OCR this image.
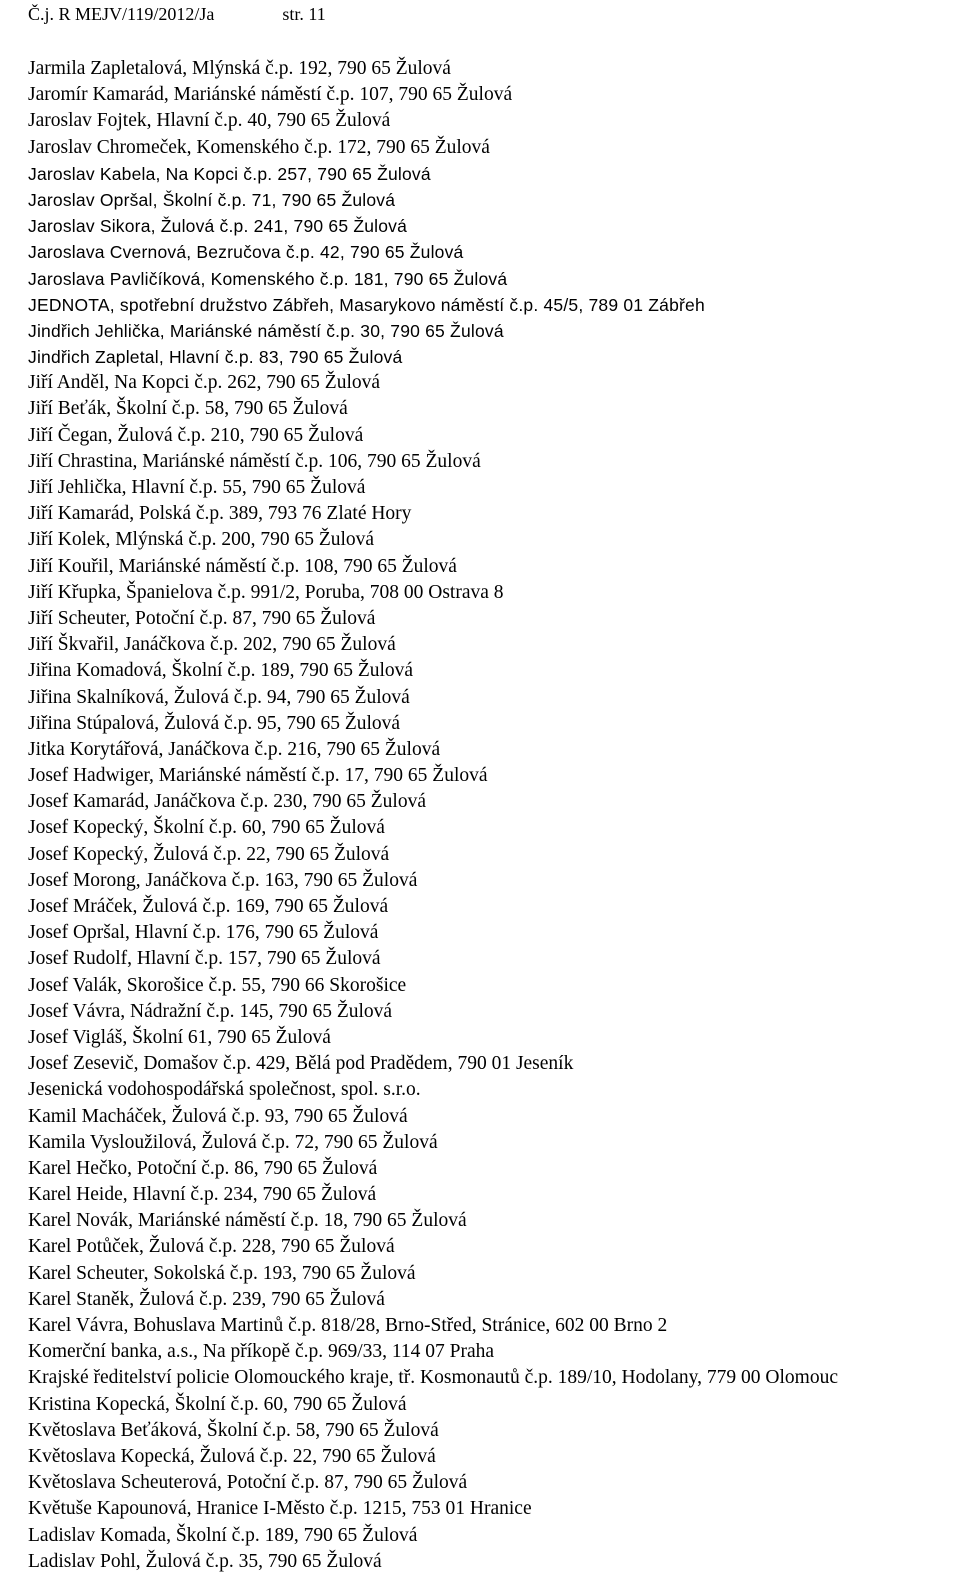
Č.j. R MEJV/119/2012/Ja	str. 11
Jarmila Zapletalová, Mlýnská č.p. 192, 790 65 Žulová
Jaromír Kamarád, Mariánské náměstí č.p. 107, 790 65 Žulová
Jaroslav Fojtek, Hlavní č.p. 40, 790 65 Žulová
Jaroslav Chromeček, Komenského č.p. 172, 790 65 Žulová
Jaroslav Kabela, Na Kopci č.p. 257, 790 65 Žulová
Jaroslav Opršal, Školní č.p. 71, 790 65 Žulová
Jaroslav Sikora, Žulová č.p. 241, 790 65 Žulová
Jaroslava Cvernová, Bezručova č.p. 42, 790 65 Žulová
Jaroslava Pavličíková, Komenského č.p. 181, 790 65 Žulová
JEDNOTA, spotřební družstvo Zábřeh, Masarykovo náměstí č.p. 45/5, 789 01 Zábřeh
Jindřich Jehlička, Mariánské náměstí č.p. 30, 790 65 Žulová
Jindřich Zapletal, Hlavní č.p. 83, 790 65 Žulová
Jiří Anděl, Na Kopci č.p. 262, 790 65 Žulová
Jiří Beťák, Školní č.p. 58, 790 65 Žulová
Jiří Čegan, Žulová č.p. 210, 790 65 Žulová
Jiří Chrastina, Mariánské náměstí č.p. 106, 790 65 Žulová
Jiří Jehlička, Hlavní č.p. 55, 790 65 Žulová
Jiří Kamarád, Polská č.p. 389, 793 76 Zlaté Hory
Jiří Kolek, Mlýnská č.p. 200, 790 65 Žulová
Jiří Kouřil, Mariánské náměstí č.p. 108, 790 65 Žulová
Jiří Křupka, Španielova č.p. 991/2, Poruba, 708 00 Ostrava 8
Jiří Scheuter, Potoční č.p. 87, 790 65 Žulová
Jiří Škvařil, Janáčkova č.p. 202, 790 65 Žulová
Jiřina Komadová, Školní č.p. 189, 790 65 Žulová
Jiřina Skalníková, Žulová č.p. 94, 790 65 Žulová
Jiřina Stúpalová, Žulová č.p. 95, 790 65 Žulová
Jitka Korytářová, Janáčkova č.p. 216, 790 65 Žulová
Josef Hadwiger, Mariánské náměstí č.p. 17, 790 65 Žulová
Josef Kamarád, Janáčkova č.p. 230, 790 65 Žulová
Josef Kopecký, Školní č.p. 60, 790 65 Žulová
Josef Kopecký, Žulová č.p. 22, 790 65 Žulová
Josef Morong, Janáčkova č.p. 163, 790 65 Žulová
Josef Mráček, Žulová č.p. 169, 790 65 Žulová
Josef Opršal, Hlavní č.p. 176, 790 65 Žulová
Josef Rudolf, Hlavní č.p. 157, 790 65 Žulová
Josef Valák, Skorošice č.p. 55, 790 66 Skorošice
Josef Vávra, Nádražní č.p. 145, 790 65 Žulová
Josef Vigláš, Školní 61, 790 65 Žulová
Josef Zesevič, Domašov č.p. 429, Bělá pod Pradědem, 790 01 Jeseník
Jesenická vodohospodářská společnost, spol. s.r.o.
Kamil Macháček, Žulová č.p. 93, 790 65 Žulová
Kamila Vysloužilová, Žulová č.p. 72, 790 65 Žulová
Karel Hečko, Potoční č.p. 86, 790 65 Žulová
Karel Heide, Hlavní č.p. 234, 790 65 Žulová
Karel Novák, Mariánské náměstí č.p. 18, 790 65 Žulová
Karel Potůček, Žulová č.p. 228, 790 65 Žulová
Karel Scheuter, Sokolská č.p. 193, 790 65 Žulová
Karel Staněk, Žulová č.p. 239, 790 65 Žulová
Karel Vávra, Bohuslava Martinů č.p. 818/28, Brno-Střed, Stránice, 602 00 Brno 2
Komerční banka, a.s., Na příkopě č.p. 969/33, 114 07 Praha
Krajské ředitelství policie Olomouckého kraje, tř. Kosmonautů č.p. 189/10, Hodolany, 779 00 Olomouc
Kristina Kopecká, Školní č.p. 60, 790 65 Žulová
Květoslava Beťáková, Školní č.p. 58, 790 65 Žulová
Květoslava Kopecká, Žulová č.p. 22, 790 65 Žulová
Květoslava Scheuterová, Potoční č.p. 87, 790 65 Žulová
Květuše Kapounová, Hranice I-Město č.p. 1215, 753 01 Hranice
Ladislav Komada, Školní č.p. 189, 790 65 Žulová
Ladislav Pohl, Žulová č.p. 35, 790 65 Žulová
